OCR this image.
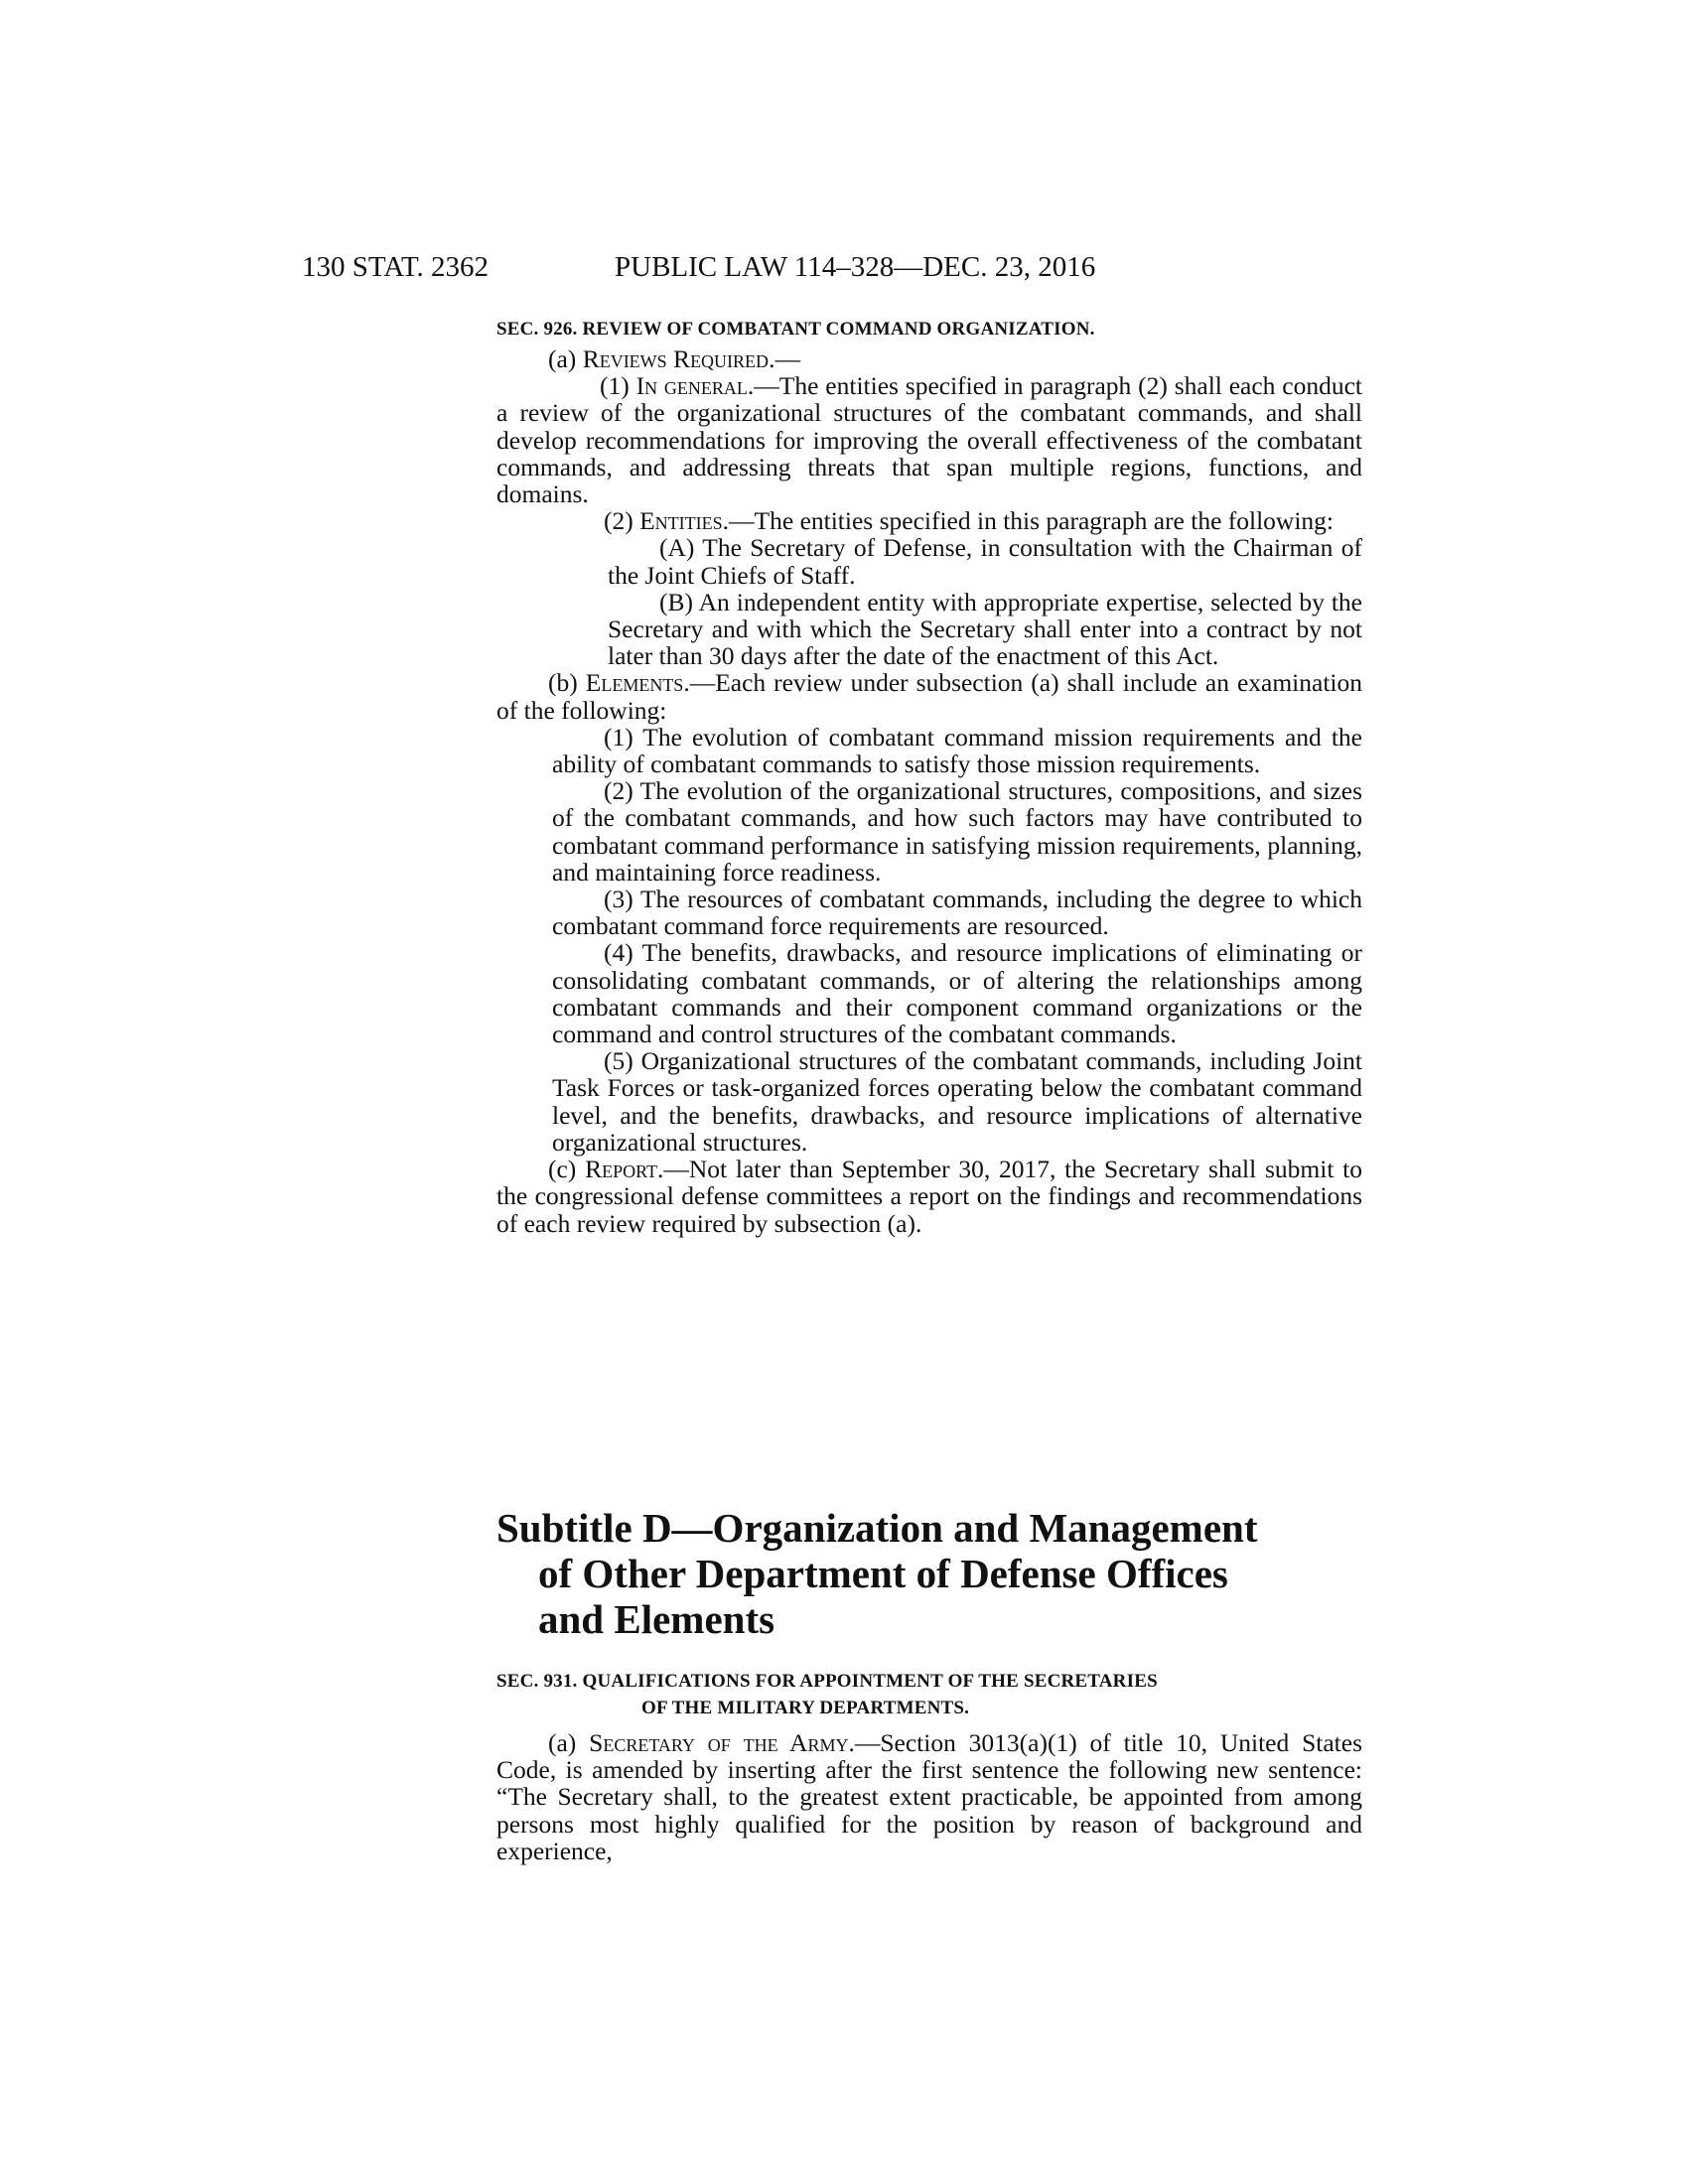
130 STAT. 2362	PUBLIC LAW 114–328—DEC. 23, 2016
SEC. 926. REVIEW OF COMBATANT COMMAND ORGANIZATION.

(a) Reviews Required.—

(1) In general.—The entities specified in paragraph (2) shall each conduct a review of the organizational structures of the combatant commands, and shall develop recommendations for improving the overall effectiveness of the combatant commands, and addressing threats that span multiple regions, functions, and domains.

(2) Entities.—The entities specified in this paragraph are the following:

(A) The Secretary of Defense, in consultation with the Chairman of the Joint Chiefs of Staff.

(B) An independent entity with appropriate expertise, selected by the Secretary and with which the Secretary shall enter into a contract by not later than 30 days after the date of the enactment of this Act.

(b) Elements.—Each review under subsection (a) shall include an examination of the following:

(1) The evolution of combatant command mission requirements and the ability of combatant commands to satisfy those mission requirements.

(2) The evolution of the organizational structures, compositions, and sizes of the combatant commands, and how such factors may have contributed to combatant command performance in satisfying mission requirements, planning, and maintaining force readiness.

(3) The resources of combatant commands, including the degree to which combatant command force requirements are resourced.

(4) The benefits, drawbacks, and resource implications of eliminating or consolidating combatant commands, or of altering the relationships among combatant commands and their component command organizations or the command and control structures of the combatant commands.

(5) Organizational structures of the combatant commands, including Joint Task Forces or task-organized forces operating below the combatant command level, and the benefits, drawbacks, and resource implications of alternative organizational structures.

(c) Report.—Not later than September 30, 2017, the Secretary shall submit to the congressional defense committees a report on the findings and recommendations of each review required by subsection (a).

Subtitle D—Organization and Management
of Other Department of Defense Offices
and Elements
SEC. 931. QUALIFICATIONS FOR APPOINTMENT OF THE SECRETARIES
OF THE MILITARY DEPARTMENTS.

(a) Secretary of the Army.—Section 3013(a)(1) of title 10, United States Code, is amended by inserting after the first sentence the following new sentence: “The Secretary shall, to the greatest extent practicable, be appointed from among persons most highly qualified for the position by reason of background and experience,
